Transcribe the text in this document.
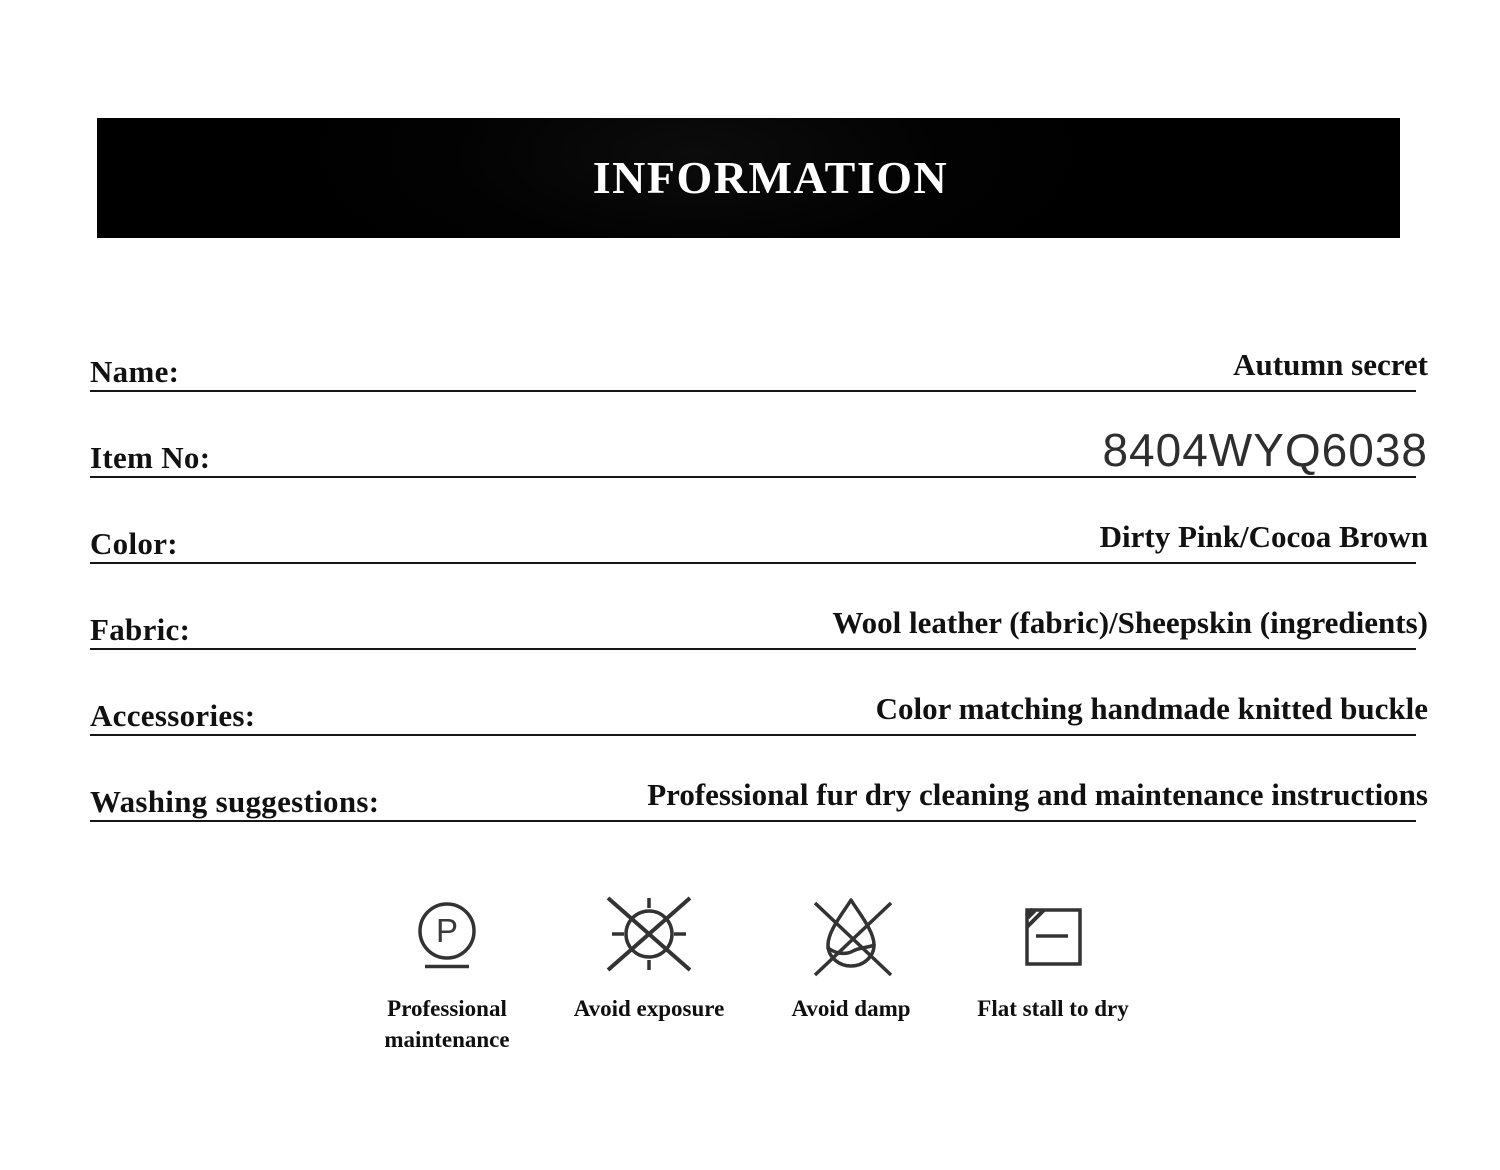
INFORMATION
Name:	Autumn secret
Item No:	8404WYQ6038
Color:	Dirty Pink/Cocoa Brown
Fabric:	Wool leather (fabric)/Sheepskin (ingredients)
Accessories:	Color matching handmade knitted buckle
Washing suggestions:	Professional fur dry cleaning and maintenance instructions
P
Professional maintenance
Avoid exposure	Avoid damp	Flat stall to dry
